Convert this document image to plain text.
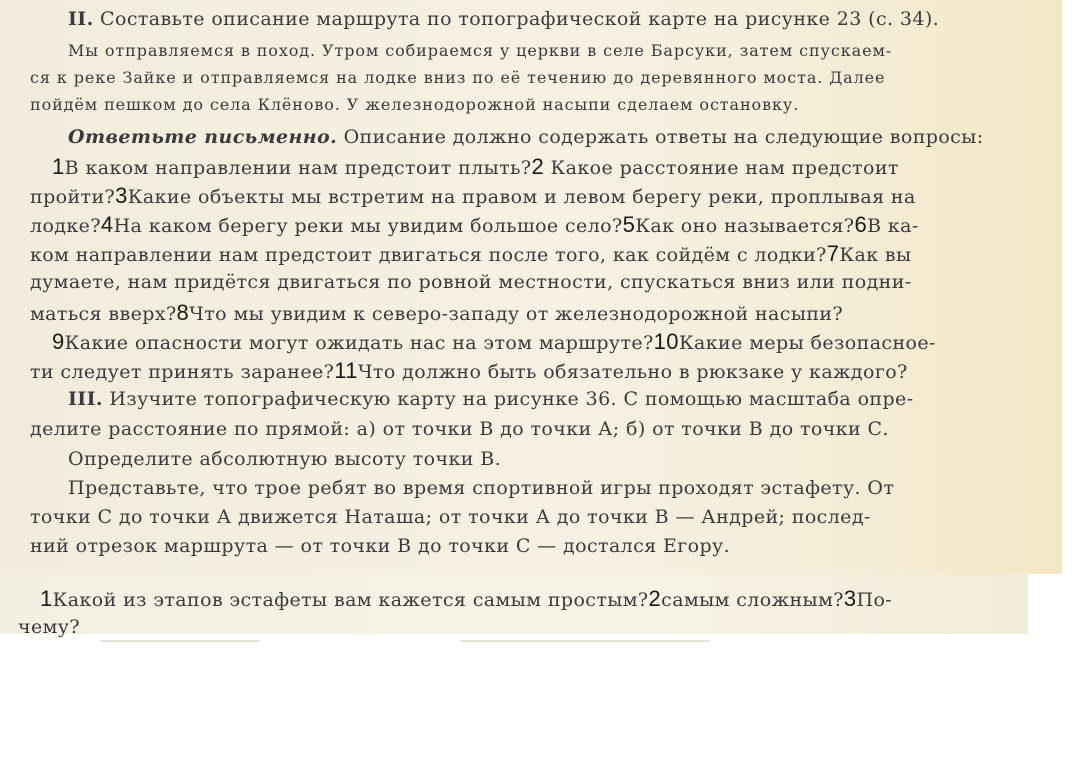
II. Составьте описание маршрута по топографической карте на рисунке 23 (с. 34).
Мы отправляемся в поход. Утром собираемся у церкви в селе Барсуки, затем спускаем-
ся к реке Зайке и отправляемся на лодке вниз по её течению до деревянного моста. Далее
пойдём пешком до села Клёново. У железнодорожной насыпи сделаем остановку.
Ответьте письменно. Описание должно содержать ответы на следующие вопросы:
1В каком направлении нам предстоит плыть?2 Какое расстояние нам предстоит
пройти?3Какие объекты мы встретим на правом и левом берегу реки, проплывая на
лодке?4На каком берегу реки мы увидим большое село?5Как оно называется?6В ка-
ком направлении нам предстоит двигаться после того, как сойдём с лодки?7Как вы
думаете, нам придётся двигаться по ровной местности, спускаться вниз или подни-
маться вверх?8Что мы увидим к северо-западу от железнодорожной насыпи?
9Какие опасности могут ожидать нас на этом маршруте?10Какие меры безопасное-
ти следует принять заранее?11Что должно быть обязательно в рюкзаке у каждого?
III. Изучите топографическую карту на рисунке 36. С помощью масштаба опре-
делите расстояние по прямой: а) от точки В до точки А; б) от точки В до точки С.
Определите абсолютную высоту точки В.
Представьте, что трое ребят во время спортивной игры проходят эстафету. От
точки С до точки А движется Наташа; от точки А до точки В — Андрей; послед-
ний отрезок маршрута — от точки В до точки С — достался Егору.
1Какой из этапов эстафеты вам кажется самым простым?2самым сложным?3По-
чему?
